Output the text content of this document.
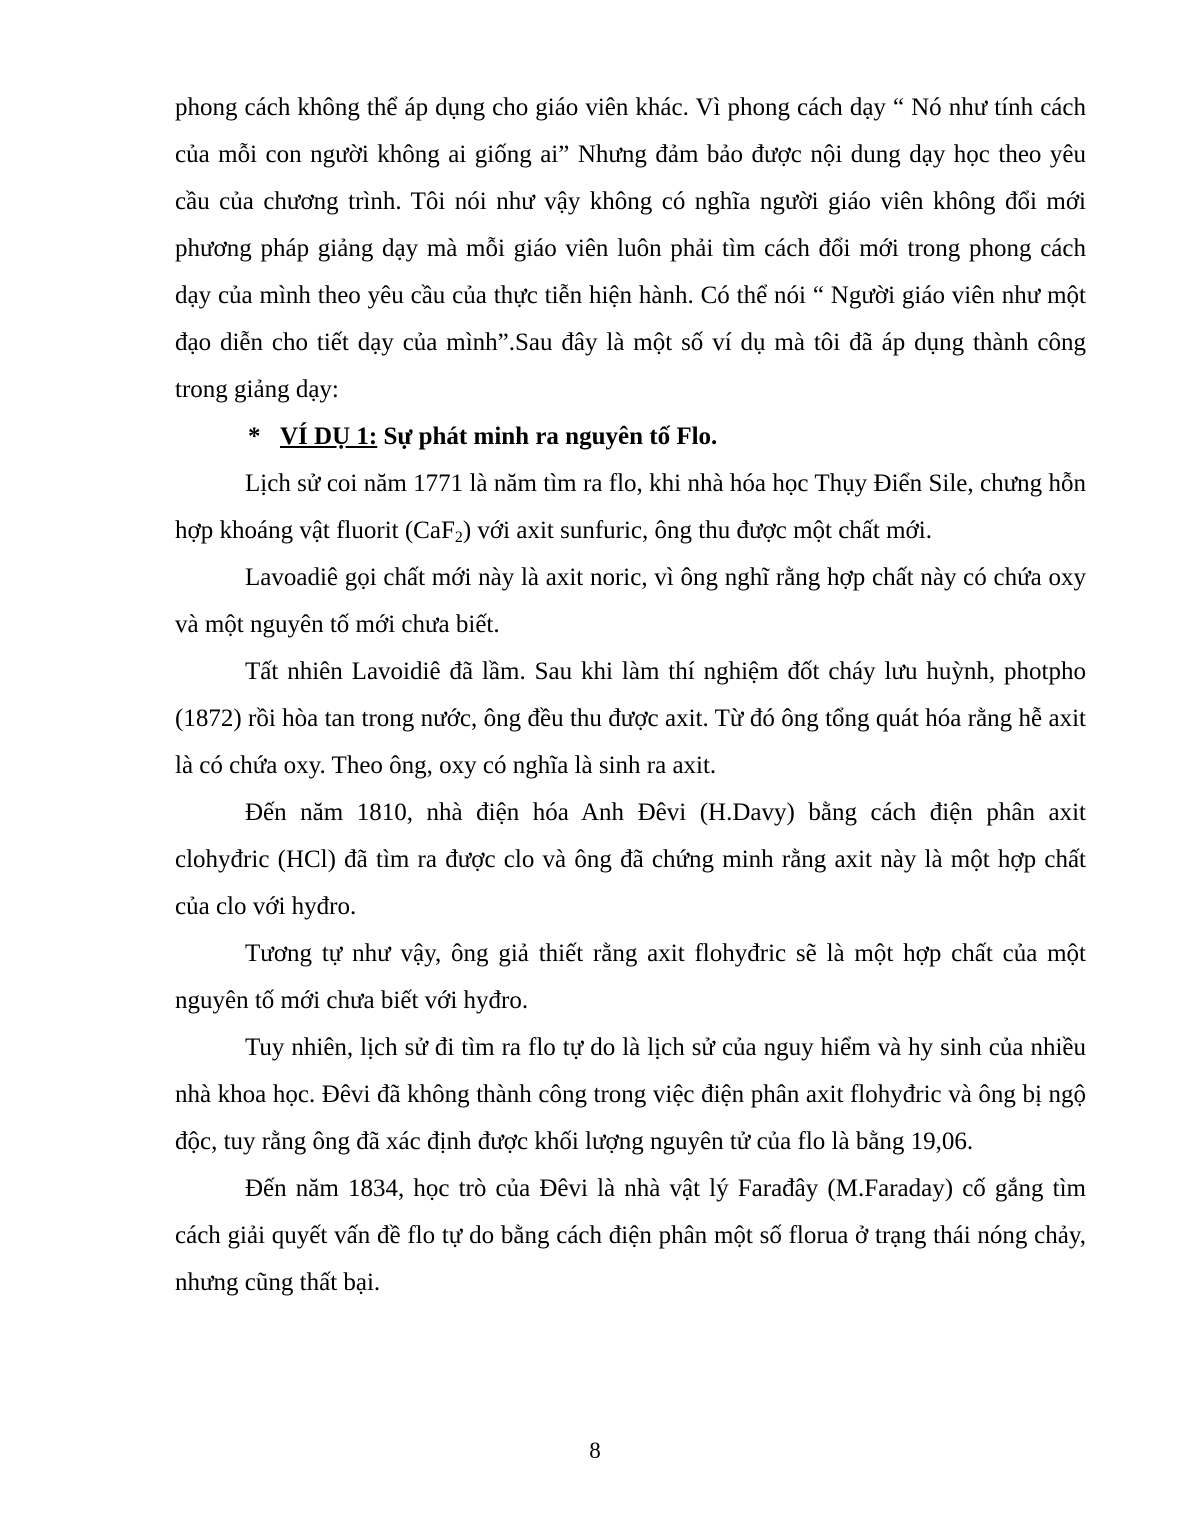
phong cách không thể áp dụng cho giáo viên khác. Vì phong cách dạy “ Nó như tính cách của mỗi con người không ai giống ai” Nhưng đảm bảo được nội dung dạy học theo yêu cầu của chương trình. Tôi nói như vậy không có nghĩa người giáo viên không đổi mới phương pháp giảng dạy mà mỗi giáo viên luôn phải tìm cách đổi mới trong phong cách dạy của mình theo yêu cầu của thực tiễn hiện hành. Có thể nói “ Người giáo viên như một đạo diễn cho tiết dạy của mình”.Sau đây là một số ví dụ mà tôi đã áp dụng thành công trong giảng dạy:

* VÍ DỤ 1: Sự phát minh ra nguyên tố Flo.

Lịch sử coi năm 1771 là năm tìm ra flo, khi nhà hóa học Thụy Điển Sile, chưng hỗn hợp khoáng vật fluorit (CaF$_2$) với axit sunfuric, ông thu được một chất mới.

Lavoadiê gọi chất mới này là axit noric, vì ông nghĩ rằng hợp chất này có chứa oxy và một nguyên tố mới chưa biết.

Tất nhiên Lavoidiê đã lầm. Sau khi làm thí nghiệm đốt cháy lưu huỳnh, photpho (1872) rồi hòa tan trong nước, ông đều thu được axit. Từ đó ông tổng quát hóa rằng hễ axit là có chứa oxy. Theo ông, oxy có nghĩa là sinh ra axit.

Đến năm 1810, nhà điện hóa Anh Đêvi (H.Davy) bằng cách điện phân axit clohyđric (HCl) đã tìm ra được clo và ông đã chứng minh rằng axit này là một hợp chất của clo với hyđro.

Tương tự như vậy, ông giả thiết rằng axit flohyđric sẽ là một hợp chất của một nguyên tố mới chưa biết với hyđro.

Tuy nhiên, lịch sử đi tìm ra flo tự do là lịch sử của nguy hiểm và hy sinh của nhiều nhà khoa học. Đêvi đã không thành công trong việc điện phân axit flohyđric và ông bị ngộ độc, tuy rằng ông đã xác định được khối lượng nguyên tử của flo là bằng 19,06.

Đến năm 1834, học trò của Đêvi là nhà vật lý Farađây (M.Faraday) cố gắng tìm cách giải quyết vấn đề flo tự do bằng cách điện phân một số florua ở trạng thái nóng chảy, nhưng cũng thất bại.

8
